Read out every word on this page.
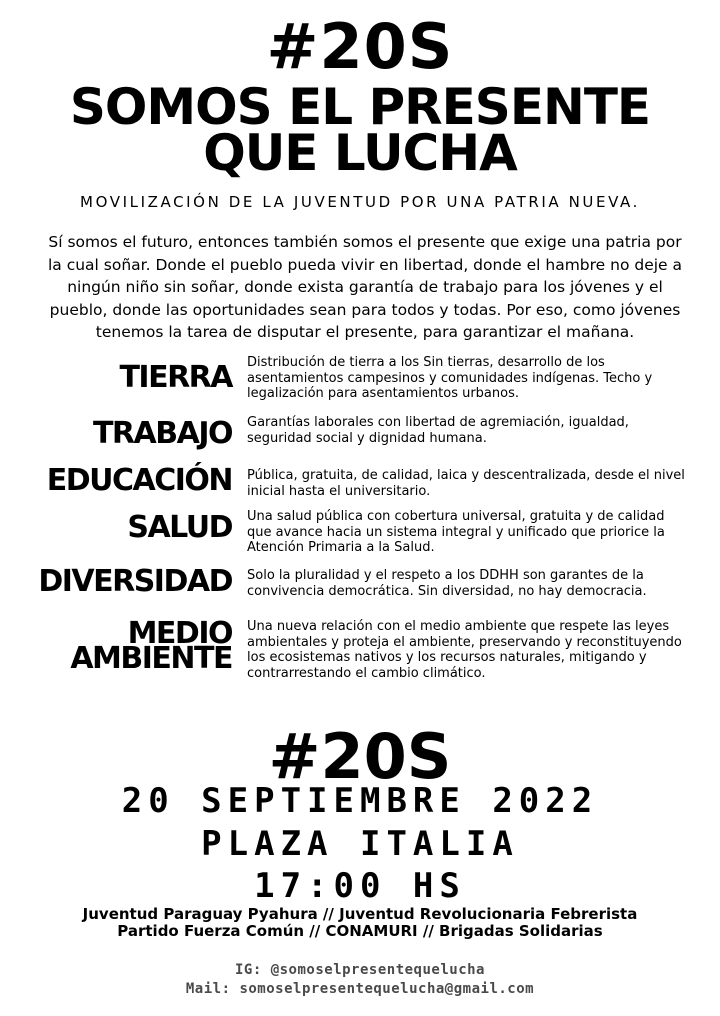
#20S
SOMOS EL PRESENTE
QUE LUCHA
MOVILIZACIÓN DE LA JUVENTUD POR UNA PATRIA NUEVA.
Sí somos el futuro, entonces también somos el presente que exige una patria por la cual soñar. Donde el pueblo pueda vivir en libertad, donde el hambre no deje a ningún niño sin soñar, donde exista garantía de trabajo para los jóvenes y el pueblo, donde las oportunidades sean para todos y todas. Por eso, como jóvenes tenemos la tarea de disputar el presente, para garantizar el mañana.
TIERRA Distribución de tierra a los Sin tierras, desarrollo de los asentamientos campesinos y comunidades indígenas. Techo y legalización para asentamientos urbanos.
TRABAJO Garantías laborales con libertad de agremiación, igualdad, seguridad social y dignidad humana.
EDUCACIÓN Pública, gratuita, de calidad, laica y descentralizada, desde el nivel inicial hasta el universitario.
SALUD Una salud pública con cobertura universal, gratuita y de calidad que avance hacia un sistema integral y unificado que priorice la Atención Primaria a la Salud.
DIVERSIDAD Solo la pluralidad y el respeto a los DDHH son garantes de la convivencia democrática. Sin diversidad, no hay democracia.
MEDIO
AMBIENTE
Una nueva relación con el medio ambiente que respete las leyes ambientales y proteja el ambiente, preservando y reconstituyendo los ecosistemas nativos y los recursos naturales, mitigando y contrarrestando el cambio climático.
#20S
20 SEPTIEMBRE 2022
PLAZA ITALIA
17:00 HS
Juventud Paraguay Pyahura // Juventud Revolucionaria Febrerista
Partido Fuerza Común // CONAMURI // Brigadas Solidarias
IG: @somoselpresentequelucha
Mail: somoselpresentequelucha@gmail.com
